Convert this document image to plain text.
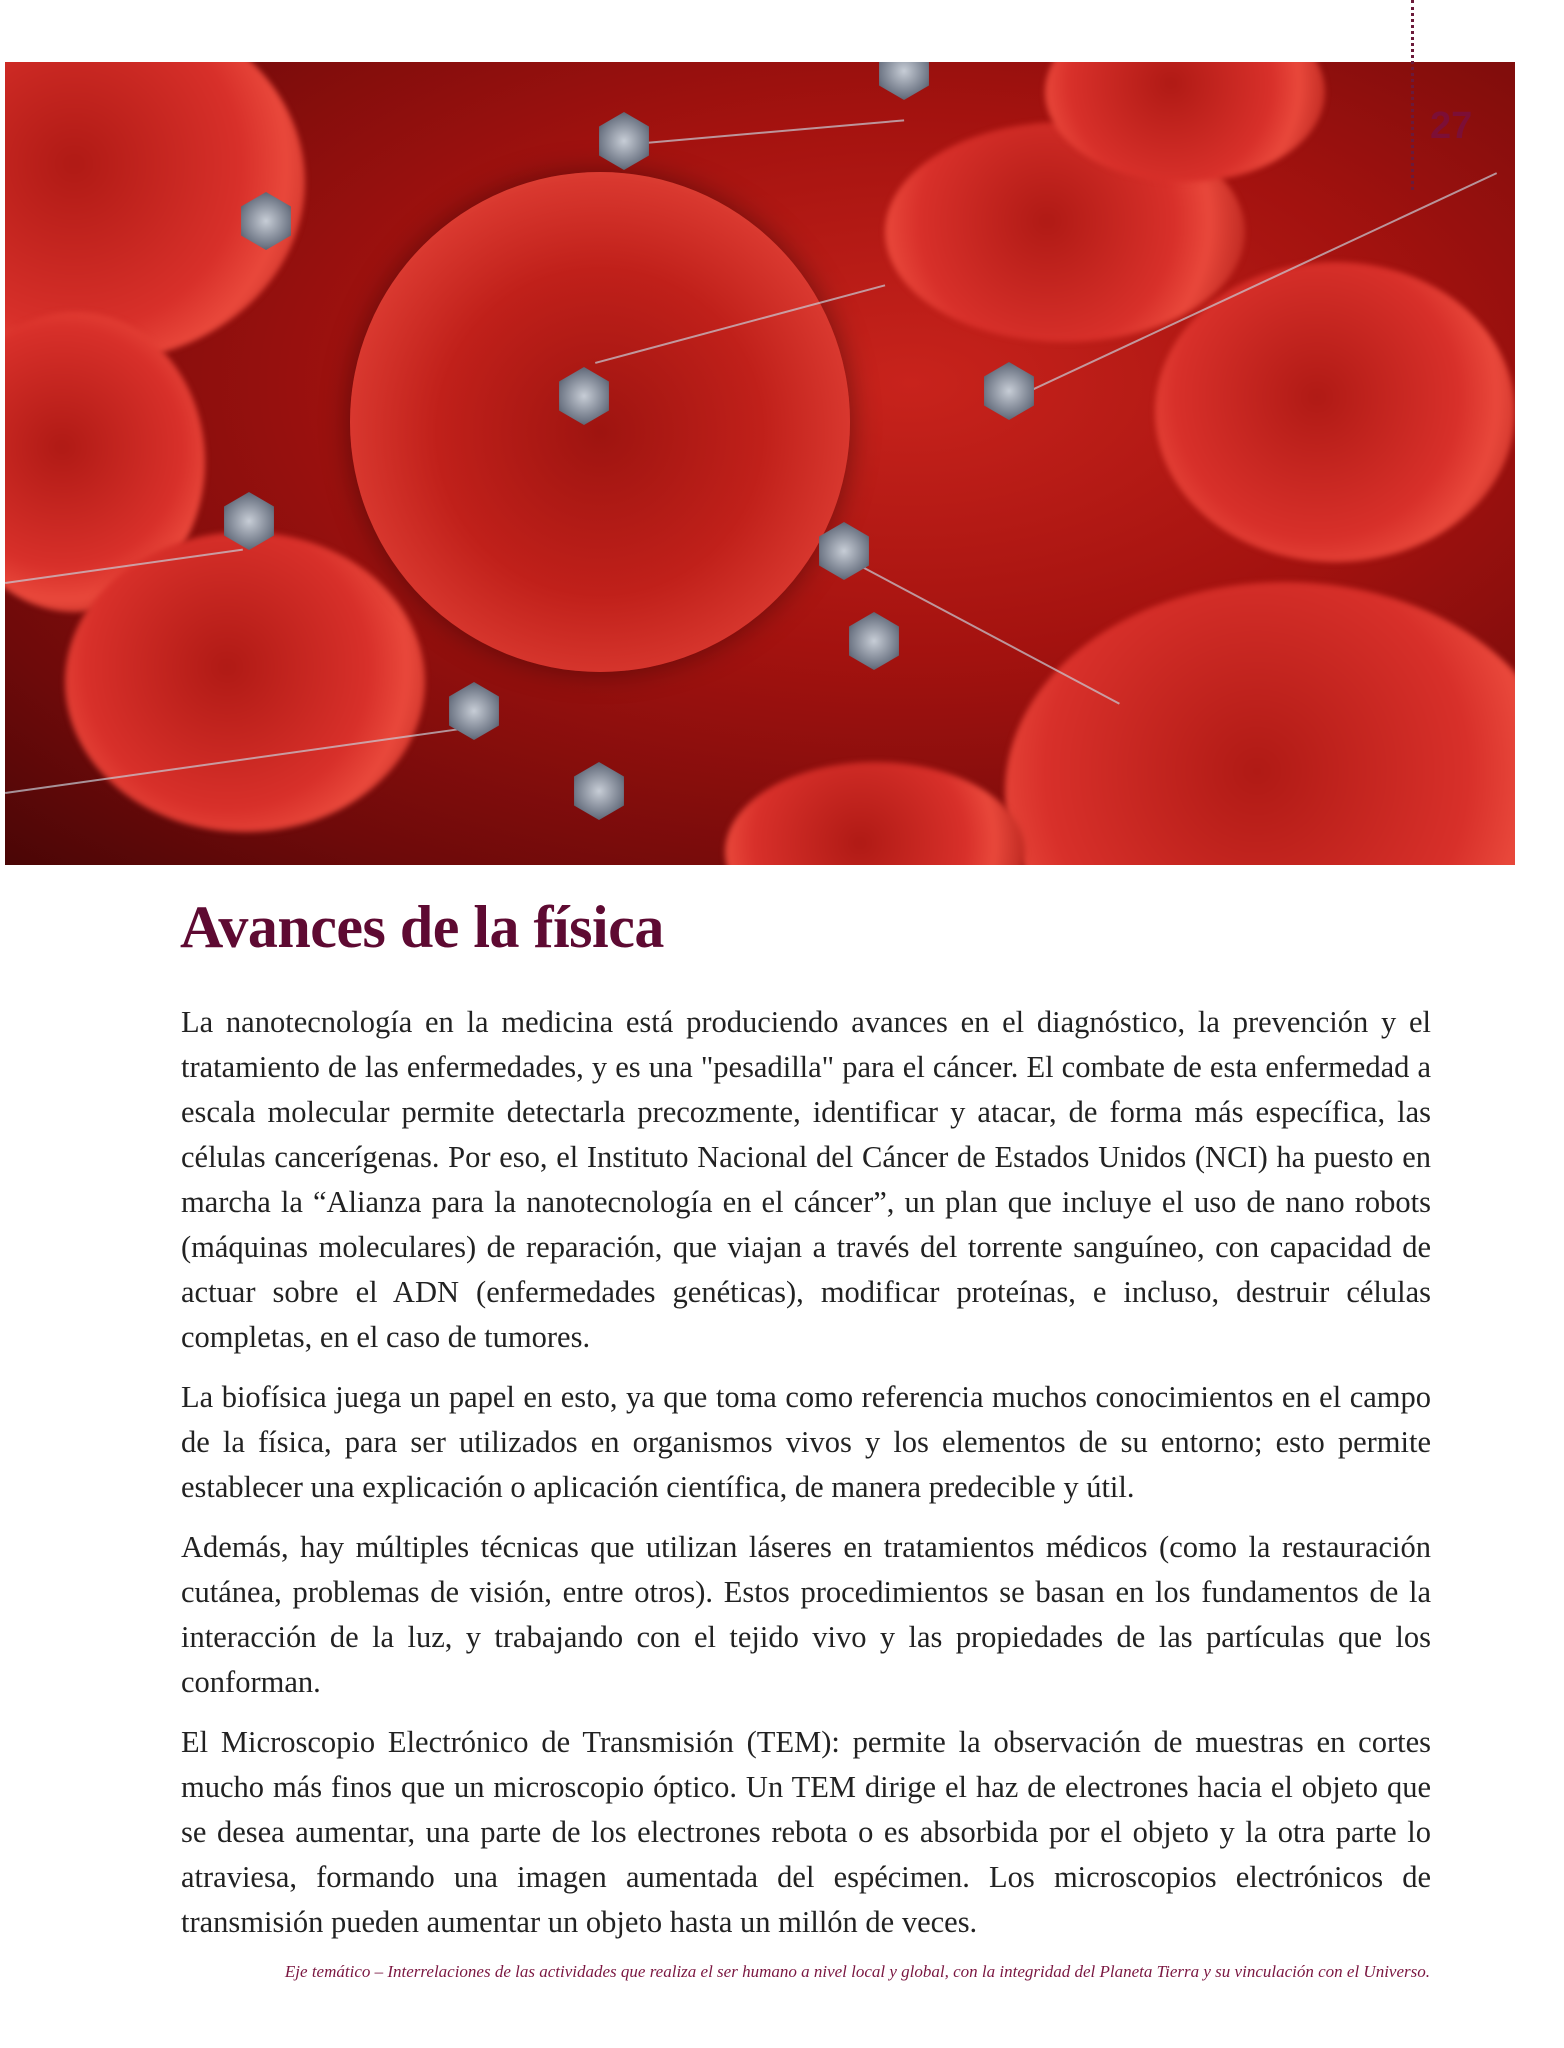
27
Avances de la física

La nanotecnología en la medicina está produciendo avances en el diagnóstico, la prevención y el tratamiento de las enfermedades, y es una "pesadilla" para el cáncer. El combate de esta enfermedad a escala molecular permite detectarla precozmente, identificar y atacar, de forma más específica, las células cancerígenas. Por eso, el Instituto Nacional del Cáncer de Estados Unidos (NCI) ha puesto en marcha la “Alianza para la nanotecnología en el cáncer”, un plan que incluye el uso de nano robots (máquinas moleculares) de reparación, que viajan a través del torrente sanguíneo, con capacidad de actuar sobre el ADN (enfermedades genéticas), modificar proteínas, e incluso, destruir células completas, en el caso de tumores.

La biofísica juega un papel en esto, ya que toma como referencia muchos conocimientos en el campo de la física, para ser utilizados en organismos vivos y los elementos de su entorno; esto permite establecer una explicación o aplicación científica, de manera predecible y útil.

Además, hay múltiples técnicas que utilizan láseres en tratamientos médicos (como la restauración cutánea, problemas de visión, entre otros). Estos procedimientos se basan en los fundamentos de la interacción de la luz, y trabajando con el tejido vivo y las propiedades de las partículas que los conforman.

El Microscopio Electrónico de Transmisión (TEM): permite la observación de muestras en cortes mucho más finos que un microscopio óptico. Un TEM dirige el haz de electrones hacia el objeto que se desea aumentar, una parte de los electrones rebota o es absorbida por el objeto y la otra parte lo atraviesa, formando una imagen aumentada del espécimen. Los microscopios electrónicos de transmisión pueden aumentar un objeto hasta un millón de veces.

Eje temático – Interrelaciones de las actividades que realiza el ser humano a nivel local y global, con la integridad del Planeta Tierra y su vinculación con el Universo.
